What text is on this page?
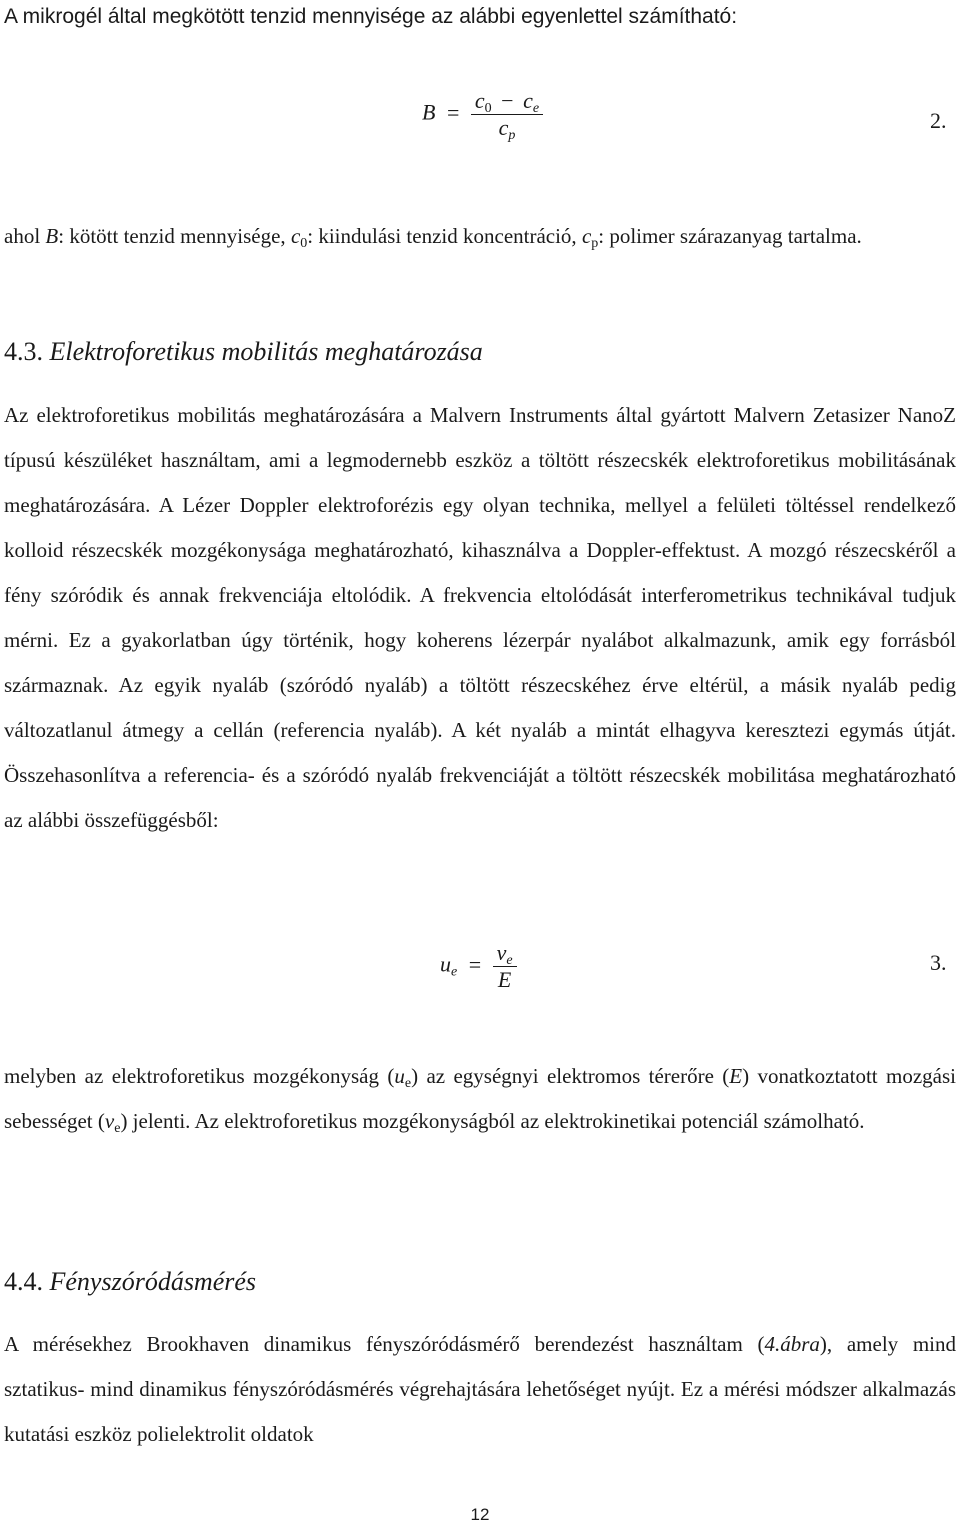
A mikrogél által megkötött tenzid mennyisége az alábbi egyenlettel számítható:
$B = \frac{c_0 - c_e}{c_p}$	2.

ahol B: kötött tenzid mennyisége, $c_0$: kiindulási tenzid koncentráció, $c_p$: polimer szárazanyag tartalma.

4.3. Elektroforetikus mobilitás meghatározása

Az elektroforetikus mobilitás meghatározására a Malvern Instruments által gyártott Malvern Zetasizer NanoZ típusú készüléket használtam, ami a legmodernebb eszköz a töltött részecskék elektroforetikus mobilitásának meghatározására. A Lézer Doppler elektroforézis egy olyan technika, mellyel a felületi töltéssel rendelkező kolloid részecskék mozgékonysága meghatározható, kihasználva a Doppler-effektust. A mozgó részecskéről a fény szóródik és annak frekvenciája eltolódik. A frekvencia eltolódását interferometrikus technikával tudjuk mérni. Ez a gyakorlatban úgy történik, hogy koherens lézerpár nyalábot alkalmazunk, amik egy forrásból származnak. Az egyik nyaláb (szóródó nyaláb) a töltött részecskéhez érve eltérül, a másik nyaláb pedig változatlanul átmegy a cellán (referencia nyaláb). A két nyaláb a mintát elhagyva keresztezi egymás útját. Összehasonlítva a referencia- és a szóródó nyaláb frekvenciáját a töltött részecskék mobilitása meghatározható az alábbi összefüggésből:

$u_e = \frac{v_e}{E}$	3.

melyben az elektroforetikus mozgékonyság $(u_e)$ az egységnyi elektromos térerőre (E) vonatkoztatott mozgási sebességet $(v_e)$ jelenti. Az elektroforetikus mozgékonyságból az elektrokinetikai potenciál számolható.

4.4. Fényszóródásmérés

A mérésekhez Brookhaven dinamikus fényszóródásmérő berendezést használtam (4.ábra), amely mind sztatikus- mind dinamikus fényszóródásmérés végrehajtására lehetőséget nyújt. Ez a mérési módszer alkalmazás kutatási eszköz polielektrolit oldatok

12
